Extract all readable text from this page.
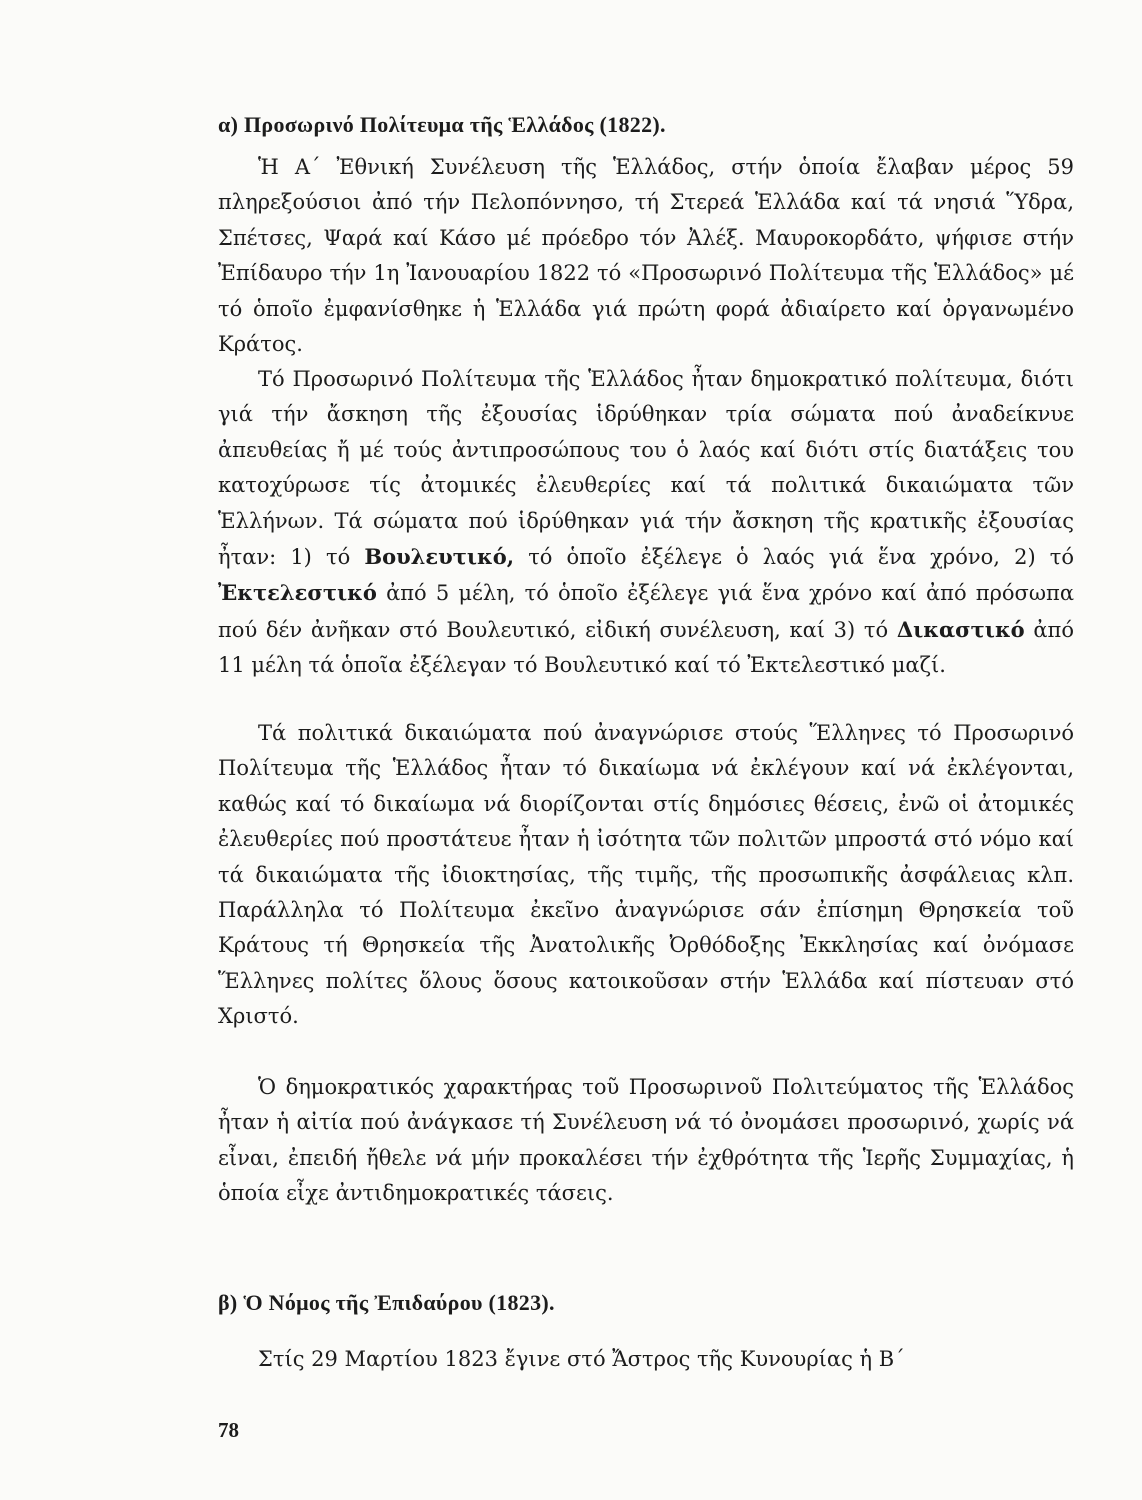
α) Προσωρινό Πολίτευμα τῆς Ἑλλάδος (1822).

Ἡ Α΄ Ἐθνική Συνέλευση τῆς Ἑλλάδος, στήν ὁποία ἔλαβαν μέρος 59 πληρεξούσιοι ἀπό τήν Πελοπόννησο, τή Στερεά Ἑλλάδα καί τά νησιά Ὕδρα, Σπέτσες, Ψαρά καί Κάσο μέ πρόεδρο τόν Ἀλέξ. Μαυροκορδάτο, ψήφισε στήν Ἐπίδαυρο τήν 1η Ἰανουαρίου 1822 τό «Προσωρινό Πολίτευμα τῆς Ἑλλάδος» μέ τό ὁποῖο ἐμφανίσθηκε ἡ Ἑλλάδα γιά πρώτη φορά ἀδιαίρετο καί ὀργανωμένο Κράτος.

Τό Προσωρινό Πολίτευμα τῆς Ἑλλάδος ἦταν δημοκρατικό πολίτευμα, διότι γιά τήν ἄσκηση τῆς ἐξουσίας ἱδρύθηκαν τρία σώματα πού ἀναδείκνυε ἀπευθείας ἤ μέ τούς ἀντιπροσώπους του ὁ λαός καί διότι στίς διατάξεις του κατοχύρωσε τίς ἀτομικές ἐλευθερίες καί τά πολιτικά δικαιώματα τῶν Ἑλλήνων. Τά σώματα πού ἱδρύθηκαν γιά τήν ἄσκηση τῆς κρατικῆς ἐξουσίας ἦταν: 1) τό Βουλευτικό, τό ὁποῖο ἐξέλεγε ὁ λαός γιά ἕνα χρόνο, 2) τό Ἐκτελεστικό ἀπό 5 μέλη, τό ὁποῖο ἐξέλεγε γιά ἕνα χρόνο καί ἀπό πρόσωπα πού δέν ἀνῆκαν στό Βουλευτικό, εἰδική συνέλευση, καί 3) τό Δικαστικό ἀπό 11 μέλη τά ὁποῖα ἐξέλεγαν τό Βουλευτικό καί τό Ἐκτελεστικό μαζί.

Τά πολιτικά δικαιώματα πού ἀναγνώρισε στούς Ἕλληνες τό Προσωρινό Πολίτευμα τῆς Ἑλλάδος ἦταν τό δικαίωμα νά ἐκλέγουν καί νά ἐκλέγονται, καθώς καί τό δικαίωμα νά διορίζονται στίς δημόσιες θέσεις, ἐνῶ οἱ ἀτομικές ἐλευθερίες πού προστάτευε ἦταν ἡ ἰσότητα τῶν πολιτῶν μπροστά στό νόμο καί τά δικαιώματα τῆς ἰδιοκτησίας, τῆς τιμῆς, τῆς προσωπικῆς ἀσφάλειας κλπ. Παράλληλα τό Πολίτευμα ἐκεῖνο ἀναγνώρισε σάν ἐπίσημη Θρησκεία τοῦ Κράτους τή Θρησκεία τῆς Ἀνατολικῆς Ὀρθόδοξης Ἐκκλησίας καί ὀνόμασε Ἕλληνες πολίτες ὅλους ὅσους κατοικοῦσαν στήν Ἑλλάδα καί πίστευαν στό Χριστό.

Ὁ δημοκρατικός χαρακτήρας τοῦ Προσωρινοῦ Πολιτεύματος τῆς Ἑλλάδος ἦταν ἡ αἰτία πού ἀνάγκασε τή Συνέλευση νά τό ὀνομάσει προσωρινό, χωρίς νά εἶναι, ἐπειδή ἤθελε νά μήν προκαλέσει τήν ἐχθρότητα τῆς Ἱερῆς Συμμαχίας, ἡ ὁποία εἶχε ἀντιδημοκρατικές τάσεις.

β) Ὁ Νόμος τῆς Ἐπιδαύρου (1823).

Στίς 29 Μαρτίου 1823 ἔγινε στό Ἄστρος τῆς Κυνουρίας ἡ Β΄

78
